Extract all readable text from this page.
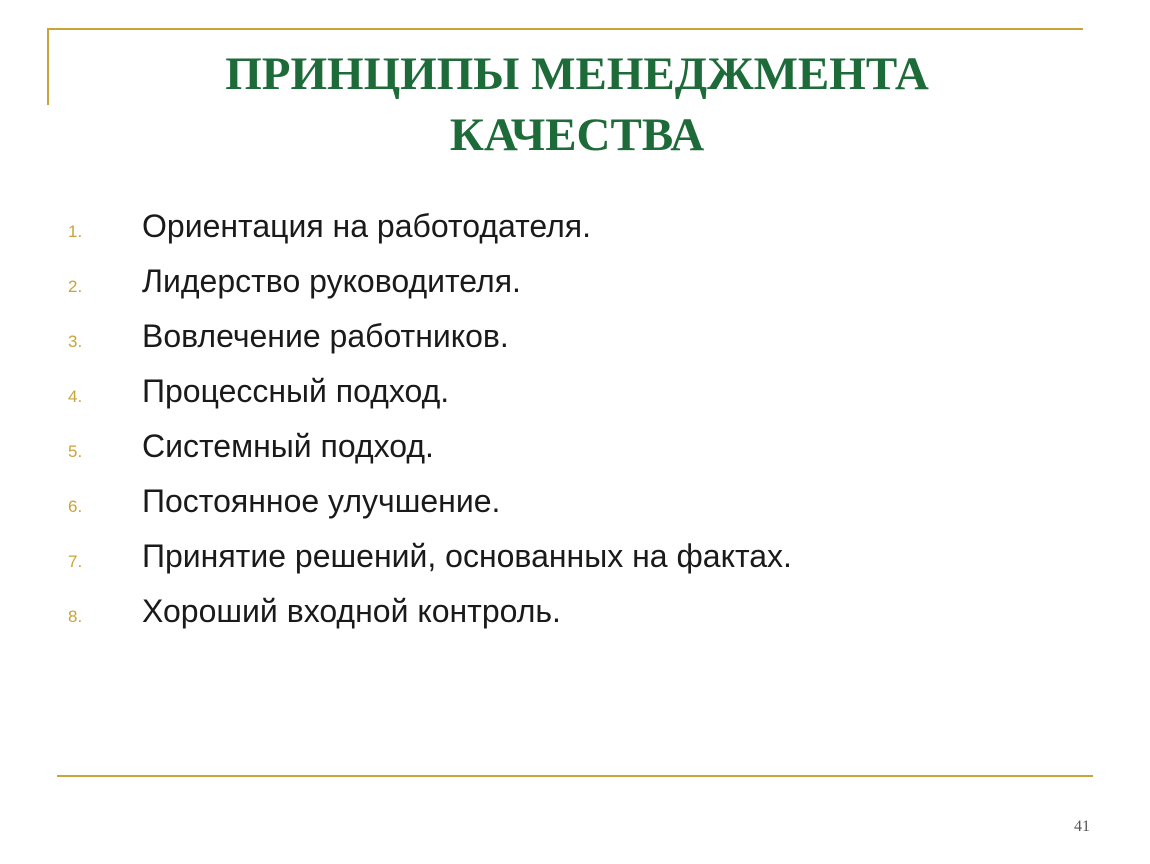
ПРИНЦИПЫ МЕНЕДЖМЕНТА
КАЧЕСТВА
1.	Ориентация на работодателя.
2.	Лидерство руководителя.
3.	Вовлечение работников.
4.	Процессный подход.
5.	Системный подход.
6.	Постоянное улучшение.
7.	Принятие решений, основанных на фактах.
8.	Хороший входной контроль.
41
